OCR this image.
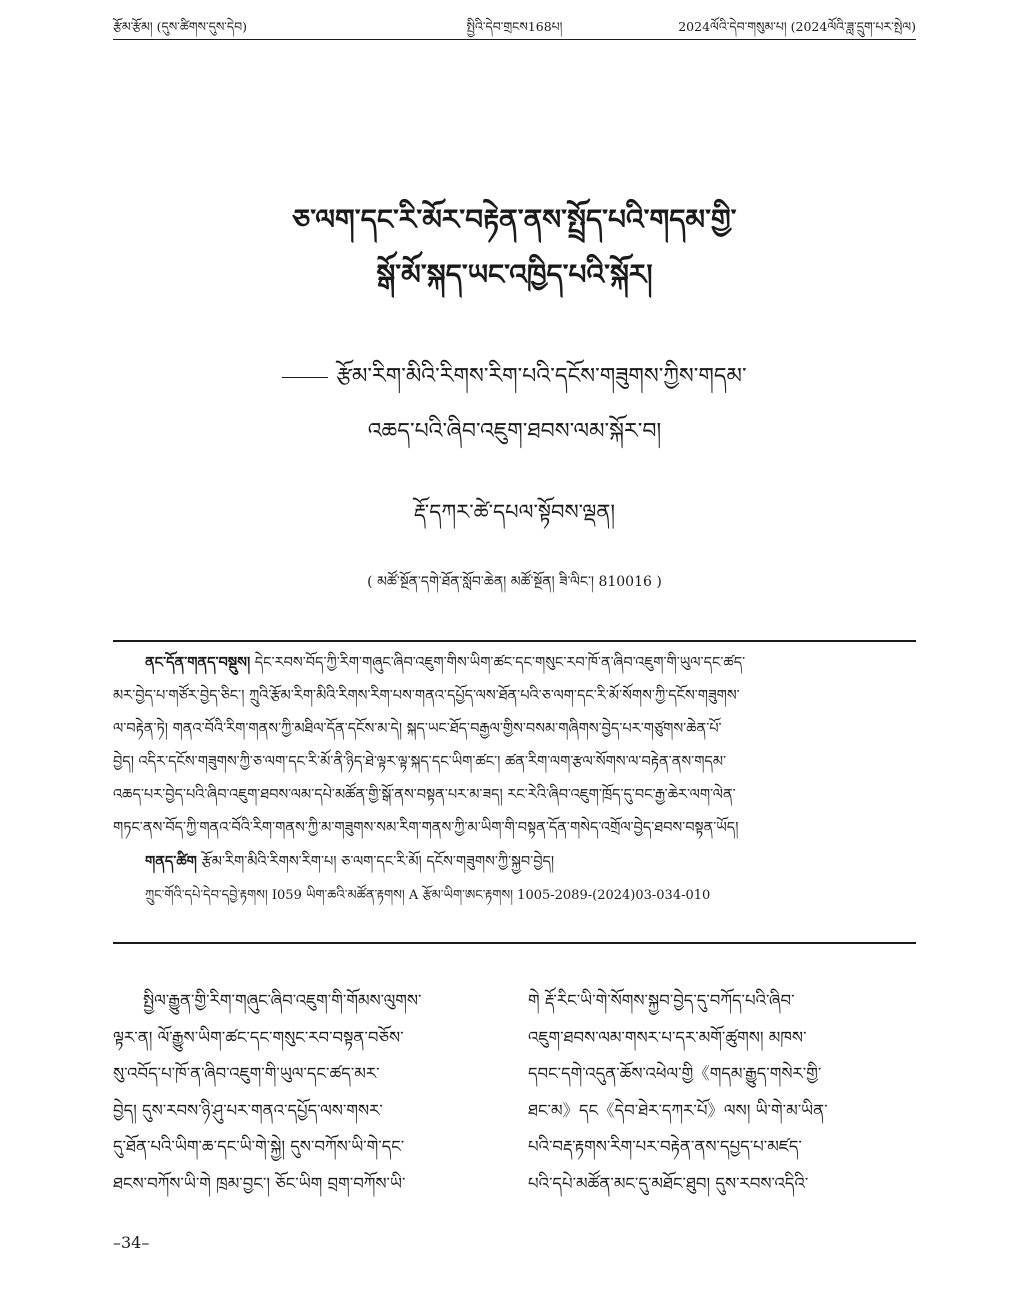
རྩོམ་རྩོམ། (དུས་ཚིགས་དུས་དེབ)	སྤྱིའི་དེབ་གྲངས168པ།	2024ལོའི་དེབ་གསུམ་པ། (2024ལོའི་ཟླ་དྲུག་པར་སྤེལ)
ཅ་ལག་དང་རི་མོར་བརྟེན་ནས་སྤྲོད་པའི་གདམ་གྱི་
སྒོ་མོ་སྐད་ཡང་འཁྱིད་པའི་སྐོར།
རྩོམ་རིག་མིའི་རིགས་རིག་པའི་དངོས་གཟུགས་ཀྱིས་གདམ་
འཆད་པའི་ཞིབ་འཇུག་ཐབས་ལམ་སྐོར་བ།
རྡོ་དཀར་ཚེ་དཔལ་སྟོབས་ལྡན།
( མཚོ་སྔོན་དགེ་ཐོན་སློབ་ཆེན། མཚོ་སྔོན། ཟི་ལིང་། 810016 )

ནང་དོན་གནད་བསྡུས། དེང་རབས་བོད་ཀྱི་རིག་གཞུང་ཞིབ་འཇུག་གིས་ཡིག་ཚང་དང་གསུང་རབ་ཁོ་ན་ཞིབ་འཇུག་གི་ཡུལ་དང་ཚད་

མར་བྱེད་པ་གཙོར་བྱེད་ཅིང་། ཀྲུའི་རྩོམ་རིག་མིའི་རིགས་རིག་པས་གནའ་དཔྱོད་ལས་ཐོན་པའི་ཅ་ལག་དང་རི་མོ་སོགས་ཀྱི་དངོས་གཟུགས་

ལ་བརྟེན་ཏེ། གནའ་བོའི་རིག་གནས་ཀྱི་མཐིལ་དོན་དངོས་མ་དེ། སྐད་ཡང་ཐོད་བརྒྱལ་གྱིས་བསམ་གཞིགས་བྱེད་པར་གཙུགས་ཆེན་པོ་

བྱེད། འདིར་དངོས་གཟུགས་ཀྱི་ཅ་ལག་དང་རི་མོ་ནི་ཉིད་ཐེ་ལྟར་ལྟ་སྐད་དང་ཡིག་ཚང་། ཚན་རིག་ལག་རྩལ་སོགས་ལ་བརྟེན་ནས་གདམ་

འཆད་པར་བྱེད་པའི་ཞིབ་འཇུག་ཐབས་ལམ་དཔེ་མཚོན་གྱི་སྒོ་ནས་བསྟན་པར་མ་ཟད། རང་རེའི་ཞིབ་འཇུག་ཁྲོད་དུ་བང་རྒྱ་ཆེར་ལག་ལེན་

གཏང་ནས་བོད་ཀྱི་གནའ་བོའི་རིག་གནས་ཀྱི་མ་གཟུགས་སམ་རིག་གནས་ཀྱི་མ་ཡིག་གི་བསྟན་དོན་གསེད་འགྲོལ་བྱེད་ཐབས་བསྟན་ཡོད།

གནད་ཚིག རྩོམ་རིག་མིའི་རིགས་རིག་པ། ཅ་ལག་དང་རི་མོ། དངོས་གཟུགས་ཀྱི་སྐྱབ་བྱེད།

ཀྲུང་གོའི་དཔེ་དེབ་དབྱེ་རྟགས། I059 ཡིག་ཆའི་མཚོན་རྟགས། A རྩོམ་ཡིག་ཨང་རྟགས། 1005-2089-(2024)03-034-010

སྤྱིལ་རྒྱུན་གྱི་རིག་གཞུང་ཞིབ་འཇུག་གི་གོམས་ལུགས་

ལྟར་ན། ལོ་རྒྱུས་ཡིག་ཚང་དང་གསུང་རབ་བསྟན་བཅོས་

སུ་འབོད་པ་ཁོ་ན་ཞིབ་འཇུག་གི་ཡུལ་དང་ཚད་མར་

བྱེད། དུས་རབས་ཉི་ཤུ་པར་གནའ་དཔྱོད་ལས་གསར་

དུ་ཐོན་པའི་ཡིག་ཆ་དང་ཡི་གེ་སྐྱེ། དུས་བཀོས་ཡི་གེ་དང་

ཐངས་བཀོས་ཡི་གེ ཁྲམ་བྱང་། ཅོང་ཡིག བྲག་བཀོས་ཡི་

གེ རྡོ་རིང་ཡི་གེ་སོགས་སྐྱབ་བྱེད་དུ་བཀོད་པའི་ཞིབ་

འཇུག་ཐབས་ལམ་གསར་པ་དར་མགོ་ཚུགས། མཁས་

དབང་དགེ་འདུན་ཆོས་འཕེལ་གྱི《གདམ་རྒྱུད་གསེར་གྱི་

ཐང་མ》དང《དེབ་ཐེར་དཀར་པོ》ལས། ཡི་གེ་མ་ཡིན་

པའི་བརྡ་རྟགས་རིག་པར་བརྟེན་ནས་དཔྱད་པ་མཛད་

པའི་དཔེ་མཚོན་མང་དུ་མཐོང་ཐུབ། དུས་རབས་འདིའི་

–34–
